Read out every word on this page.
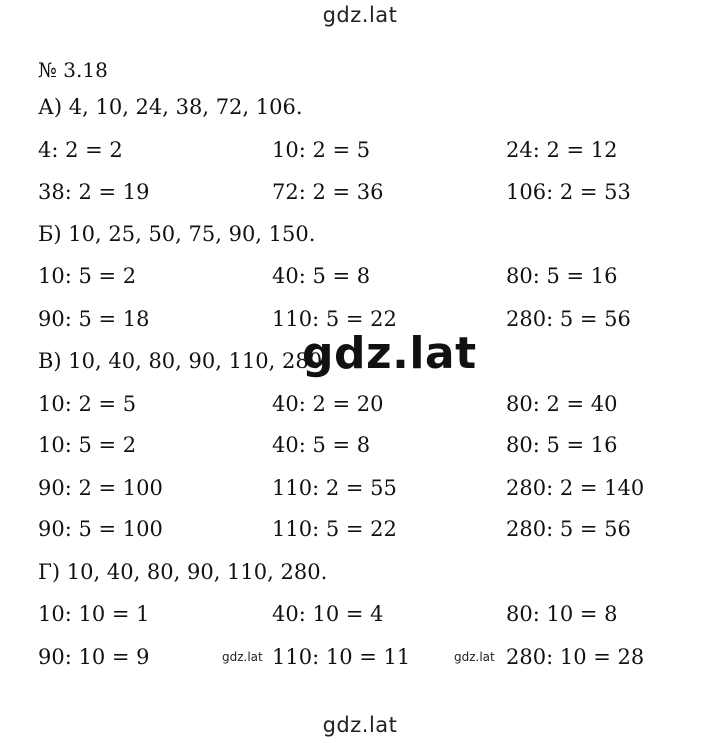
gdz.lat
№ 3.18
А) 4, 10, 24, 38, 72, 106.
4: 2 = 2	10: 2 = 5	24: 2 = 12
38: 2 = 19	72: 2 = 36	106: 2 = 53
Б) 10, 25, 50, 75, 90, 150.
10: 5 = 2	40: 5 = 8	80: 5 = 16
90: 5 = 18	110: 5 = 22	280: 5 = 56
В) 10, 40, 80, 90, 110, 280.
10: 2 = 5	40: 2 = 20	80: 2 = 40
10: 5 = 2	40: 5 = 8	80: 5 = 16
90: 2 = 100	110: 2 = 55	280: 2 = 140
90: 5 = 100	110: 5 = 22	280: 5 = 56
Г) 10, 40, 80, 90, 110, 280.
10: 10 = 1	40: 10 = 4	80: 10 = 8
90: 10 = 9	110: 10 = 11	280: 10 = 28
gdz.lat
gdz.lat	gdz.lat
gdz.lat
